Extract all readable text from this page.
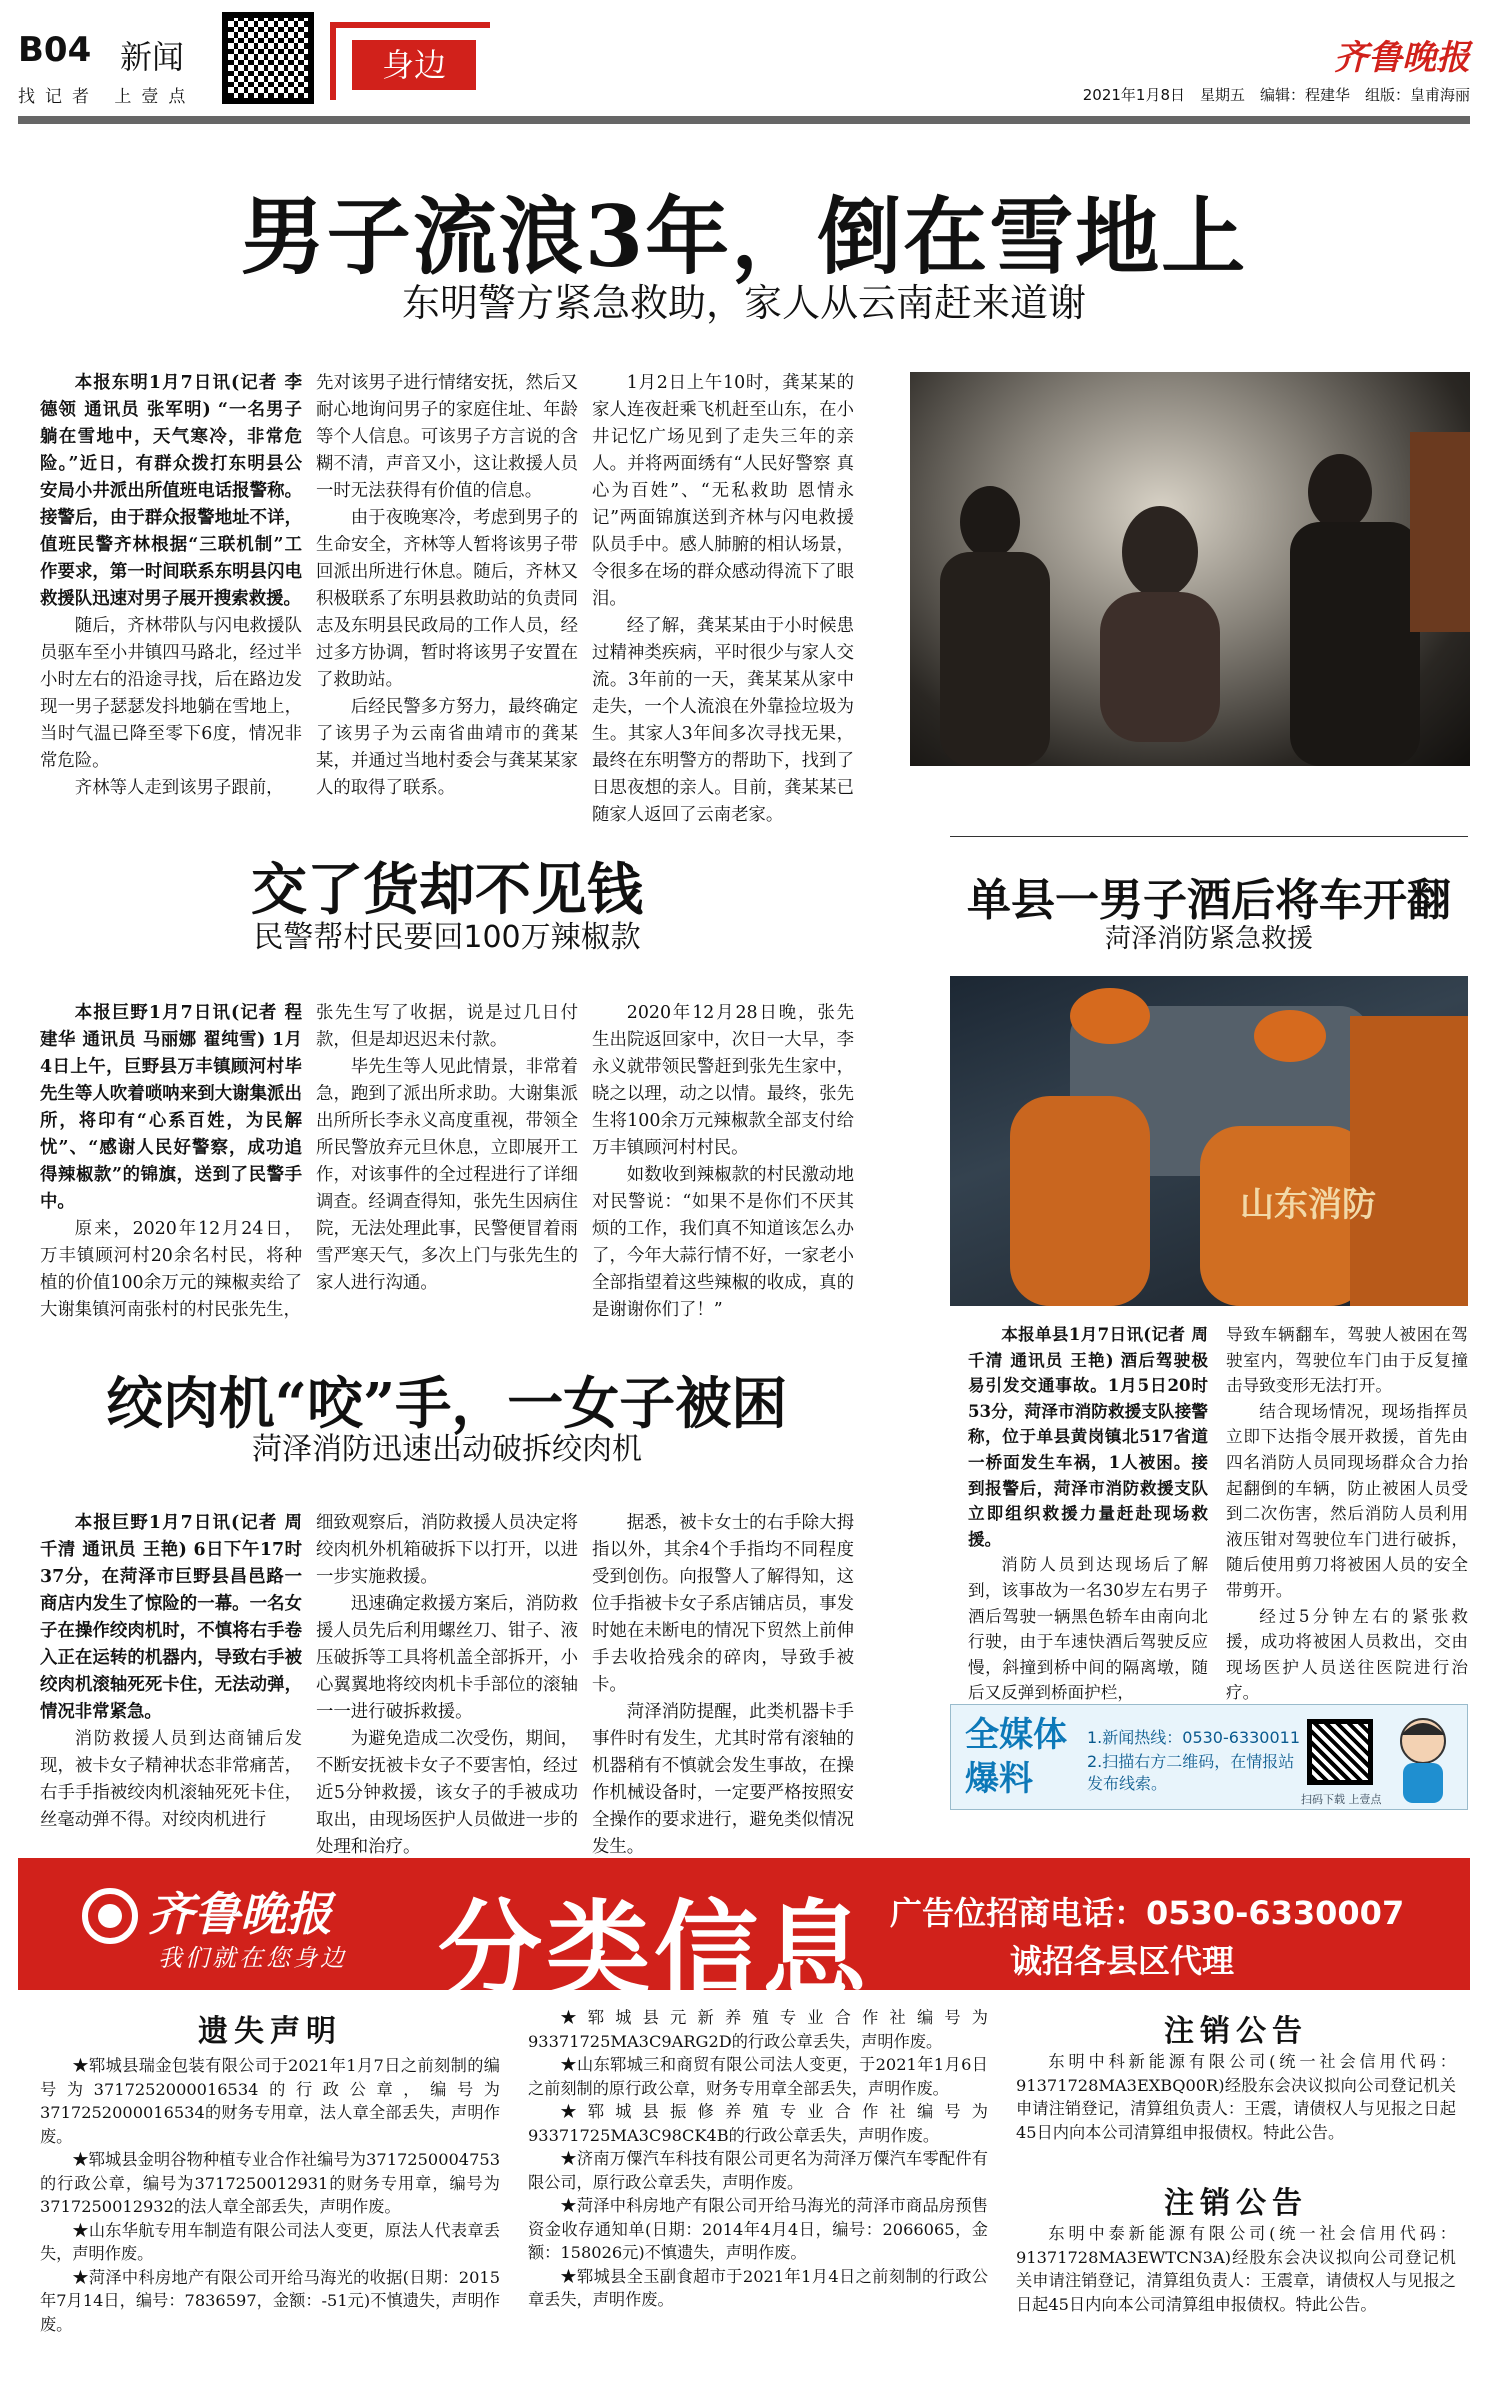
B04 新闻
找记者 上壹点
身边	齐鲁晚报
2021年1月8日　星期五　编辑：程建华　组版：皇甫海丽
男子流浪3年，倒在雪地上
东明警方紧急救助，家人从云南赶来道谢

本报东明1月7日讯(记者 李德领 通讯员 张军明) “一名男子躺在雪地中，天气寒冷，非常危险。”近日，有群众拨打东明县公安局小井派出所值班电话报警称。接警后，由于群众报警地址不详，值班民警齐林根据“三联机制”工作要求，第一时间联系东明县闪电救援队迅速对男子展开搜索救援。

随后，齐林带队与闪电救援队员驱车至小井镇四马路北，经过半小时左右的沿途寻找，后在路边发现一男子瑟瑟发抖地躺在雪地上，当时气温已降至零下6度，情况非常危险。

齐林等人走到该男子跟前，

先对该男子进行情绪安抚，然后又耐心地询问男子的家庭住址、年龄等个人信息。可该男子方言说的含糊不清，声音又小，这让救援人员一时无法获得有价值的信息。

由于夜晚寒冷，考虑到男子的生命安全，齐林等人暂将该男子带回派出所进行休息。随后，齐林又积极联系了东明县救助站的负责同志及东明县民政局的工作人员，经过多方协调，暂时将该男子安置在了救助站。

后经民警多方努力，最终确定了该男子为云南省曲靖市的龚某某，并通过当地村委会与龚某某家人的取得了联系。

1月2日上午10时，龚某某的家人连夜赶乘飞机赶至山东，在小井记忆广场见到了走失三年的亲人。并将两面绣有“人民好警察 真心为百姓”、“无私救助 恩情永记”两面锦旗送到齐林与闪电救援队员手中。感人肺腑的相认场景，令很多在场的群众感动得流下了眼泪。

经了解，龚某某由于小时候患过精神类疾病，平时很少与家人交流。3年前的一天，龚某某从家中走失，一个人流浪在外靠捡垃圾为生。其家人3年间多次寻找无果，最终在东明警方的帮助下，找到了日思夜想的亲人。目前，龚某某已随家人返回了云南老家。

交了货却不见钱
民警帮村民要回100万辣椒款

本报巨野1月7日讯(记者 程建华 通讯员 马丽娜 翟纯雪) 1月4日上午，巨野县万丰镇顾河村毕先生等人吹着唢呐来到大谢集派出所，将印有“心系百姓，为民解忧”、“感谢人民好警察，成功追得辣椒款”的锦旗，送到了民警手中。

原来，2020年12月24日，万丰镇顾河村20余名村民，将种植的价值100余万元的辣椒卖给了大谢集镇河南张村的村民张先生，

张先生写了收据，说是过几日付款，但是却迟迟未付款。

毕先生等人见此情景，非常着急，跑到了派出所求助。大谢集派出所所长李永义高度重视，带领全所民警放弃元旦休息，立即展开工作，对该事件的全过程进行了详细调查。经调查得知，张先生因病住院，无法处理此事，民警便冒着雨雪严寒天气，多次上门与张先生的家人进行沟通。

2020年12月28日晚，张先生出院返回家中，次日一大早，李永义就带领民警赶到张先生家中，晓之以理，动之以情。最终，张先生将100余万元辣椒款全部支付给万丰镇顾河村村民。

如数收到辣椒款的村民激动地对民警说：“如果不是你们不厌其烦的工作，我们真不知道该怎么办了，今年大蒜行情不好，一家老小全部指望着这些辣椒的收成，真的是谢谢你们了！”

单县一男子酒后将车开翻
菏泽消防紧急救援
山东消防

本报单县1月7日讯(记者 周千清 通讯员 王艳) 酒后驾驶极易引发交通事故。1月5日20时53分，菏泽市消防救援支队接警称，位于单县黄岗镇北517省道一桥面发生车祸，1人被困。接到报警后，菏泽市消防救援支队立即组织救援力量赶赴现场救援。

消防人员到达现场后了解到，该事故为一名30岁左右男子酒后驾驶一辆黑色轿车由南向北行驶，由于车速快酒后驾驶反应慢，斜撞到桥中间的隔离墩，随后又反弹到桥面护栏，

导致车辆翻车，驾驶人被困在驾驶室内，驾驶位车门由于反复撞击导致变形无法打开。

结合现场情况，现场指挥员立即下达指令展开救援，首先由四名消防人员同现场群众合力抬起翻倒的车辆，防止被困人员受到二次伤害，然后消防人员利用液压钳对驾驶位车门进行破拆，随后使用剪刀将被困人员的安全带剪开。

经过5分钟左右的紧张救援，成功将被困人员救出，交由现场医护人员送往医院进行治疗。

绞肉机“咬”手，一女子被困
菏泽消防迅速出动破拆绞肉机

本报巨野1月7日讯(记者 周千清 通讯员 王艳) 6日下午17时37分，在菏泽市巨野县昌邑路一商店内发生了惊险的一幕。一名女子在操作绞肉机时，不慎将右手卷入正在运转的机器内，导致右手被绞肉机滚轴死死卡住，无法动弹，情况非常紧急。

消防救援人员到达商铺后发现，被卡女子精神状态非常痛苦，右手手指被绞肉机滚轴死死卡住，丝毫动弹不得。对绞肉机进行

细致观察后，消防救援人员决定将绞肉机外机箱破拆下以打开，以进一步实施救援。

迅速确定救援方案后，消防救援人员先后利用螺丝刀、钳子、液压破拆等工具将机盖全部拆开，小心翼翼地将绞肉机卡手部位的滚轴一一进行破拆救援。

为避免造成二次受伤，期间，不断安抚被卡女子不要害怕，经过近5分钟救援，该女子的手被成功取出，由现场医护人员做进一步的处理和治疗。

据悉，被卡女士的右手除大拇指以外，其余4个手指均不同程度受到创伤。向报警人了解得知，这位手指被卡女子系店铺店员，事发时她在未断电的情况下贸然上前伸手去收拾残余的碎肉，导致手被卡。

菏泽消防提醒，此类机器卡手事件时有发生，尤其时常有滚轴的机器稍有不慎就会发生事故，在操作机械设备时，一定要严格按照安全操作的要求进行，避免类似情况发生。

全媒体
爆料
1.新闻热线：0530-6330011
2.扫描右方二维码，在情报站
发布线索。
扫码下载 上壹点
齐鲁晚报
我们就在您身边 分类信息 广告位招商电话：0530-6330007
诚招各县区代理
遗失声明

★郓城县瑞金包装有限公司于2021年1月7日之前刻制的编号为3717252000016534的行政公章，编号为3717252000016534的财务专用章，法人章全部丢失，声明作废。

★郓城县金明谷物种植专业合作社编号为3717250004753的行政公章，编号为3717250012931的财务专用章，编号为3717250012932的法人章全部丢失，声明作废。

★山东华航专用车制造有限公司法人变更，原法人代表章丢失，声明作废。

★菏泽中科房地产有限公司开给马海光的收据(日期：2015年7月14日，编号：7836597，金额：-51元)不慎遗失，声明作废。

★郓城县元新养殖专业合作社编号为93371725MA3C9ARG2D的行政公章丢失，声明作废。

★山东郓城三和商贸有限公司法人变更，于2021年1月6日之前刻制的原行政公章，财务专用章全部丢失，声明作废。

★郓城县振修养殖专业合作社编号为93371725MA3C98CK4B的行政公章丢失，声明作废。

★济南万僳汽车科技有限公司更名为菏泽万僳汽车零配件有限公司，原行政公章丢失，声明作废。

★菏泽中科房地产有限公司开给马海光的菏泽市商品房预售资金收存通知单(日期：2014年4月4日，编号：2066065，金额：158026元)不慎遗失，声明作废。

★郓城县全玉副食超市于2021年1月4日之前刻制的行政公章丢失，声明作废。

注销公告

东明中科新能源有限公司(统一社会信用代码：91371728MA3EXBQ00R)经股东会决议拟向公司登记机关申请注销登记，清算组负责人：王震，请债权人与见报之日起45日内向本公司清算组申报债权。特此公告。

注销公告

东明中泰新能源有限公司(统一社会信用代码：91371728MA3EWTCN3A)经股东会决议拟向公司登记机关申请注销登记，清算组负责人：王震章，请债权人与见报之日起45日内向本公司清算组申报债权。特此公告。
